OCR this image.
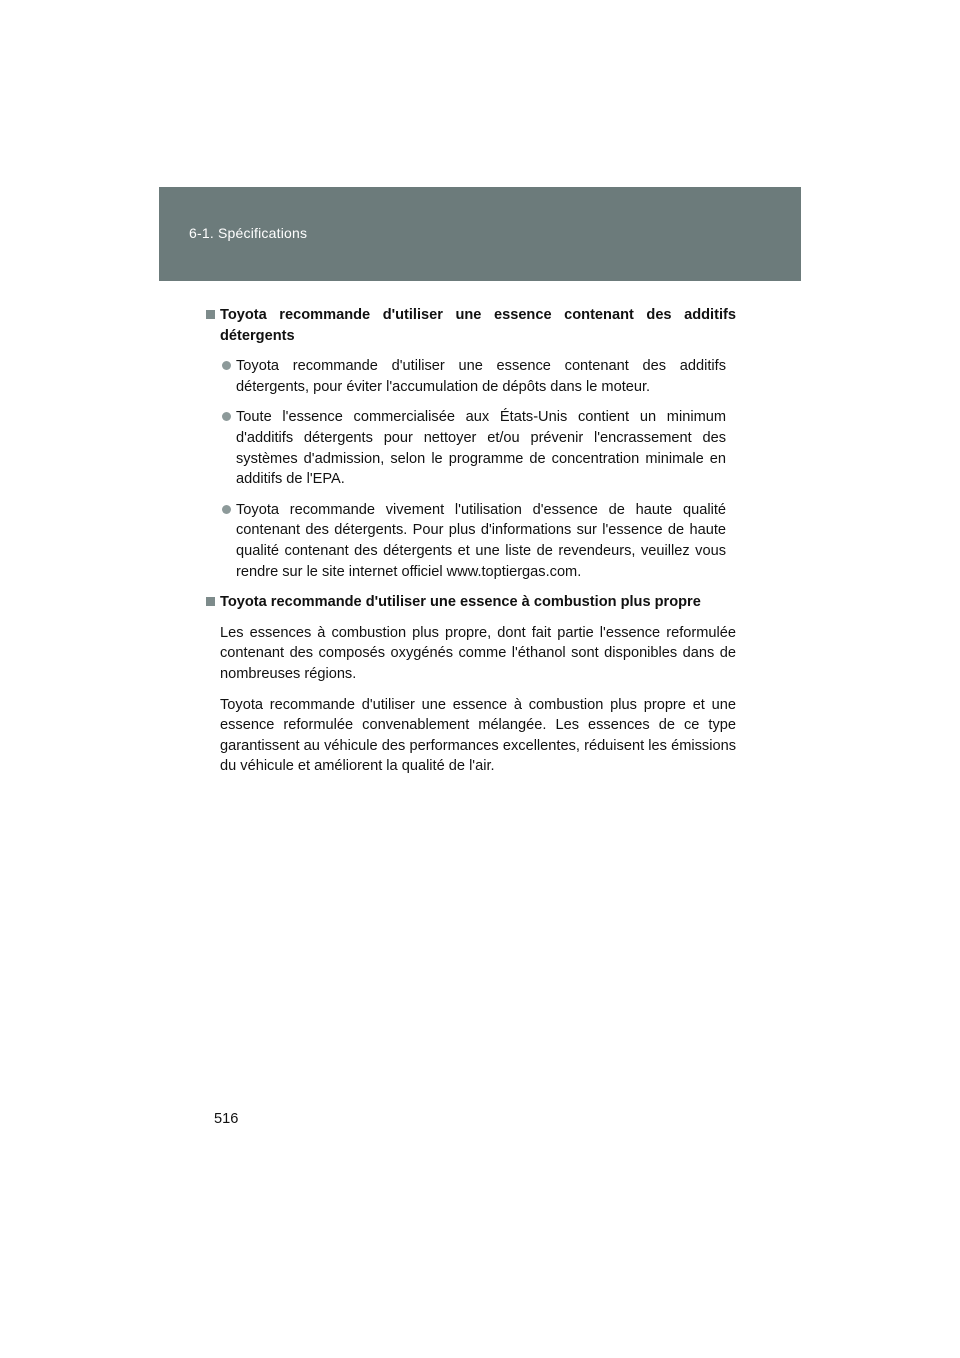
6-1. Spécifications
Toyota recommande d'utiliser une essence contenant des additifs détergents
Toyota recommande d'utiliser une essence contenant des additifs détergents, pour éviter l'accumulation de dépôts dans le moteur.
Toute l'essence commercialisée aux États-Unis contient un minimum d'additifs détergents pour nettoyer et/ou prévenir l'encrassement des systèmes d'admission, selon le programme de concentration minimale en additifs de l'EPA.
Toyota recommande vivement l'utilisation d'essence de haute qualité contenant des détergents. Pour plus d'informations sur l'essence de haute qualité contenant des détergents et une liste de revendeurs, veuillez vous rendre sur le site internet officiel www.toptiergas.com.
Toyota recommande d'utiliser une essence à combustion plus propre

Les essences à combustion plus propre, dont fait partie l'essence reformulée contenant des composés oxygénés comme l'éthanol sont disponibles dans de nombreuses régions.

Toyota recommande d'utiliser une essence à combustion plus propre et une essence reformulée convenablement mélangée. Les essences de ce type garantissent au véhicule des performances excellentes, réduisent les émissions du véhicule et améliorent la qualité de l'air.

516
